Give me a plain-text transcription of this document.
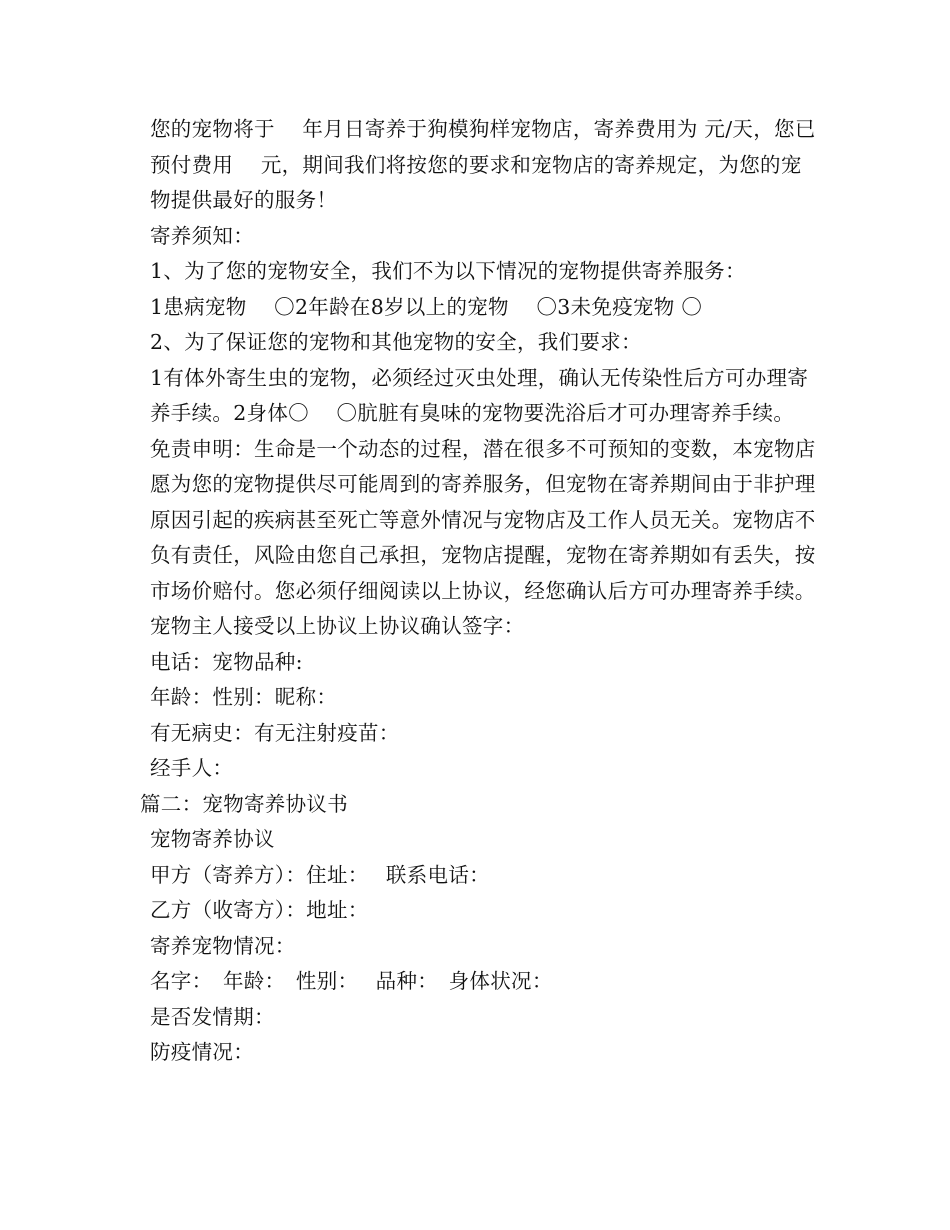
您的宠物将于　 年月日寄养于狗模狗样宠物店，寄养费用为 元/天，您已预付费用　 元，期间我们将按您的要求和宠物店的寄养规定，为您的宠物提供最好的服务！

寄养须知：

1、为了您的宠物安全，我们不为以下情况的宠物提供寄养服务：

1患病宠物　 〇2年龄在8岁以上的宠物　 〇3未免疫宠物 〇

2、为了保证您的宠物和其他宠物的安全，我们要求：

1有体外寄生虫的宠物，必须经过灭虫处理，确认无传染性后方可办理寄养手续。2身体〇　 〇肮脏有臭味的宠物要洗浴后才可办理寄养手续。

免责申明：生命是一个动态的过程，潜在很多不可预知的变数，本宠物店愿为您的宠物提供尽可能周到的寄养服务，但宠物在寄养期间由于非护理原因引起的疾病甚至死亡等意外情况与宠物店及工作人员无关。宠物店不负有责任，风险由您自己承担，宠物店提醒，宠物在寄养期如有丢失，按市场价赔付。您必须仔细阅读以上协议，经您确认后方可办理寄养手续。 宠物主人接受以上协议上协议确认签字：

电话：宠物品种:

年龄：性别：昵称：

有无病史：有无注射疫苗：

经手人：

篇二：宠物寄养协议书

宠物寄养协议

甲方（寄养方）：住址：　 联系电话：

乙方（收寄方）：地址：

寄养宠物情况：

名字：　年龄：　性别：　 品种：　身体状况：

是否发情期：

防疫情况：
